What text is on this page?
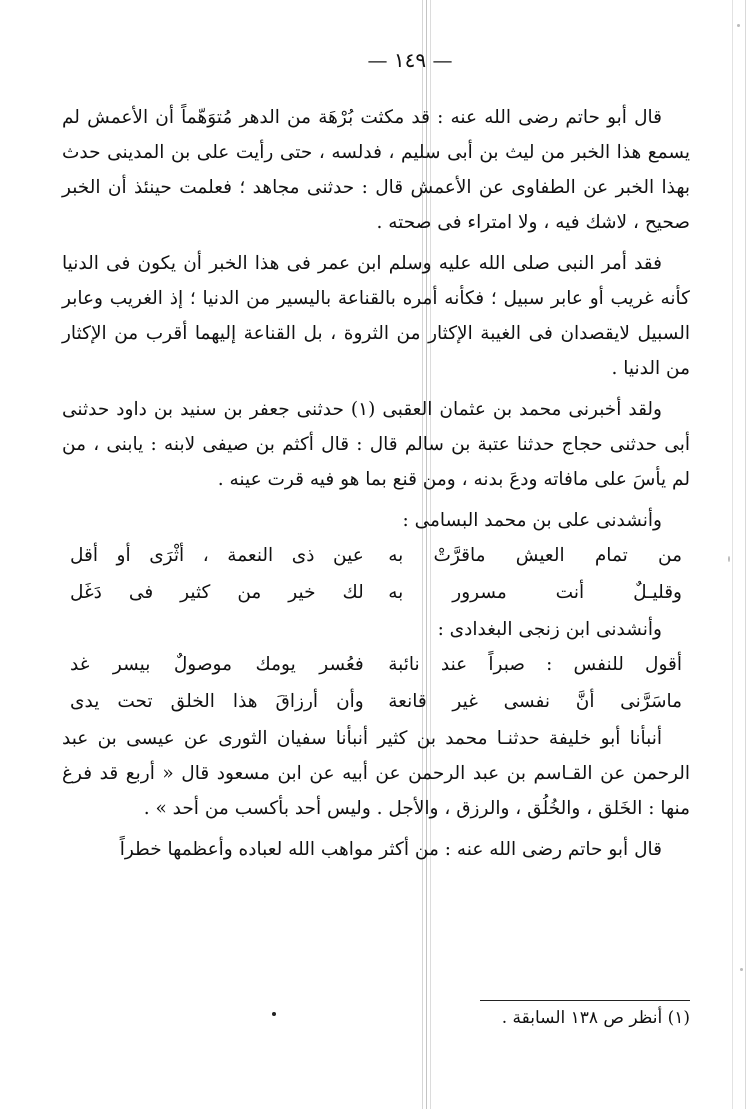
— ١٤٩ —

قال أبو حاتم رضى الله عنه : قد مكثت بُرْهَة من الدهر مُتوَهّماً أن الأعمش لم يسمع هذا الخبر من ليث بن أبى سليم ، فدلسه ، حتى رأيت على بن المدينى حدث بهذا الخبر عن الطفاوى عن الأعمش قال : حدثنى مجاهد ؛ فعلمت حينئذ أن الخبر صحيح ، لاشك فيه ، ولا امتراء فى صحته .

فقد أمر النبى صلى الله عليه وسلم ابن عمر فى هذا الخبر أن يكون فى الدنيا كأنه غريب أو عابر سبيل ؛ فكأنه أمره بالقناعة باليسير من الدنيا ؛ إذ الغريب وعابر السبيل لايقصدان فى الغيبة الإكثار من الثروة ، بل القناعة إليهما أقرب من الإكثار من الدنيا .

ولقد أخبرنى محمد بن عثمان العقبى (١) حدثنى جعفر بن سنيد بن داود حدثنى أبى حدثنى حجاج حدثنا عتبة بن سالم قال : قال أكثم بن صيفى لابنه : يابنى ، من لم يأسَ على مافاته ودعَ بدنه ، ومن قنع بما هو فيه قرت عينه .

وأنشدنى على بن محمد البسامى :

من تمام العيش ماقرَّتْ به
عين ذى النعمة ، أثْرَى أو أقل
وقليـلٌ أنت مسرور به
لك خير من كثير فى دَغَل

وأنشدنى ابن زنجى البغدادى :

أقول للنفس : صبراً عند نائبة
فعُسر يومك موصولٌ بيسر غد
ماسَرَّنى أنَّ نفسى غير قانعة
وأن أرزاقَ هذا الخلق تحت يدى

أنبأنا أبو خليفة حدثنـا محمد بن كثير أنبأنا سفيان الثورى عن عيسى بن عبد الرحمن عن القـاسم بن عبد الرحمن عن أبيه عن ابن مسعود قال « أربع قد فرغ منها : الخَلق ، والخُلُق ، والرزق ، والأجل . وليس أحد بأكسب من أحد » .

قال أبو حاتم رضى الله عنه : من أكثر مواهب الله لعباده وأعظمها خطراً

(١) أنظر ص ١٣٨ السابقة .
